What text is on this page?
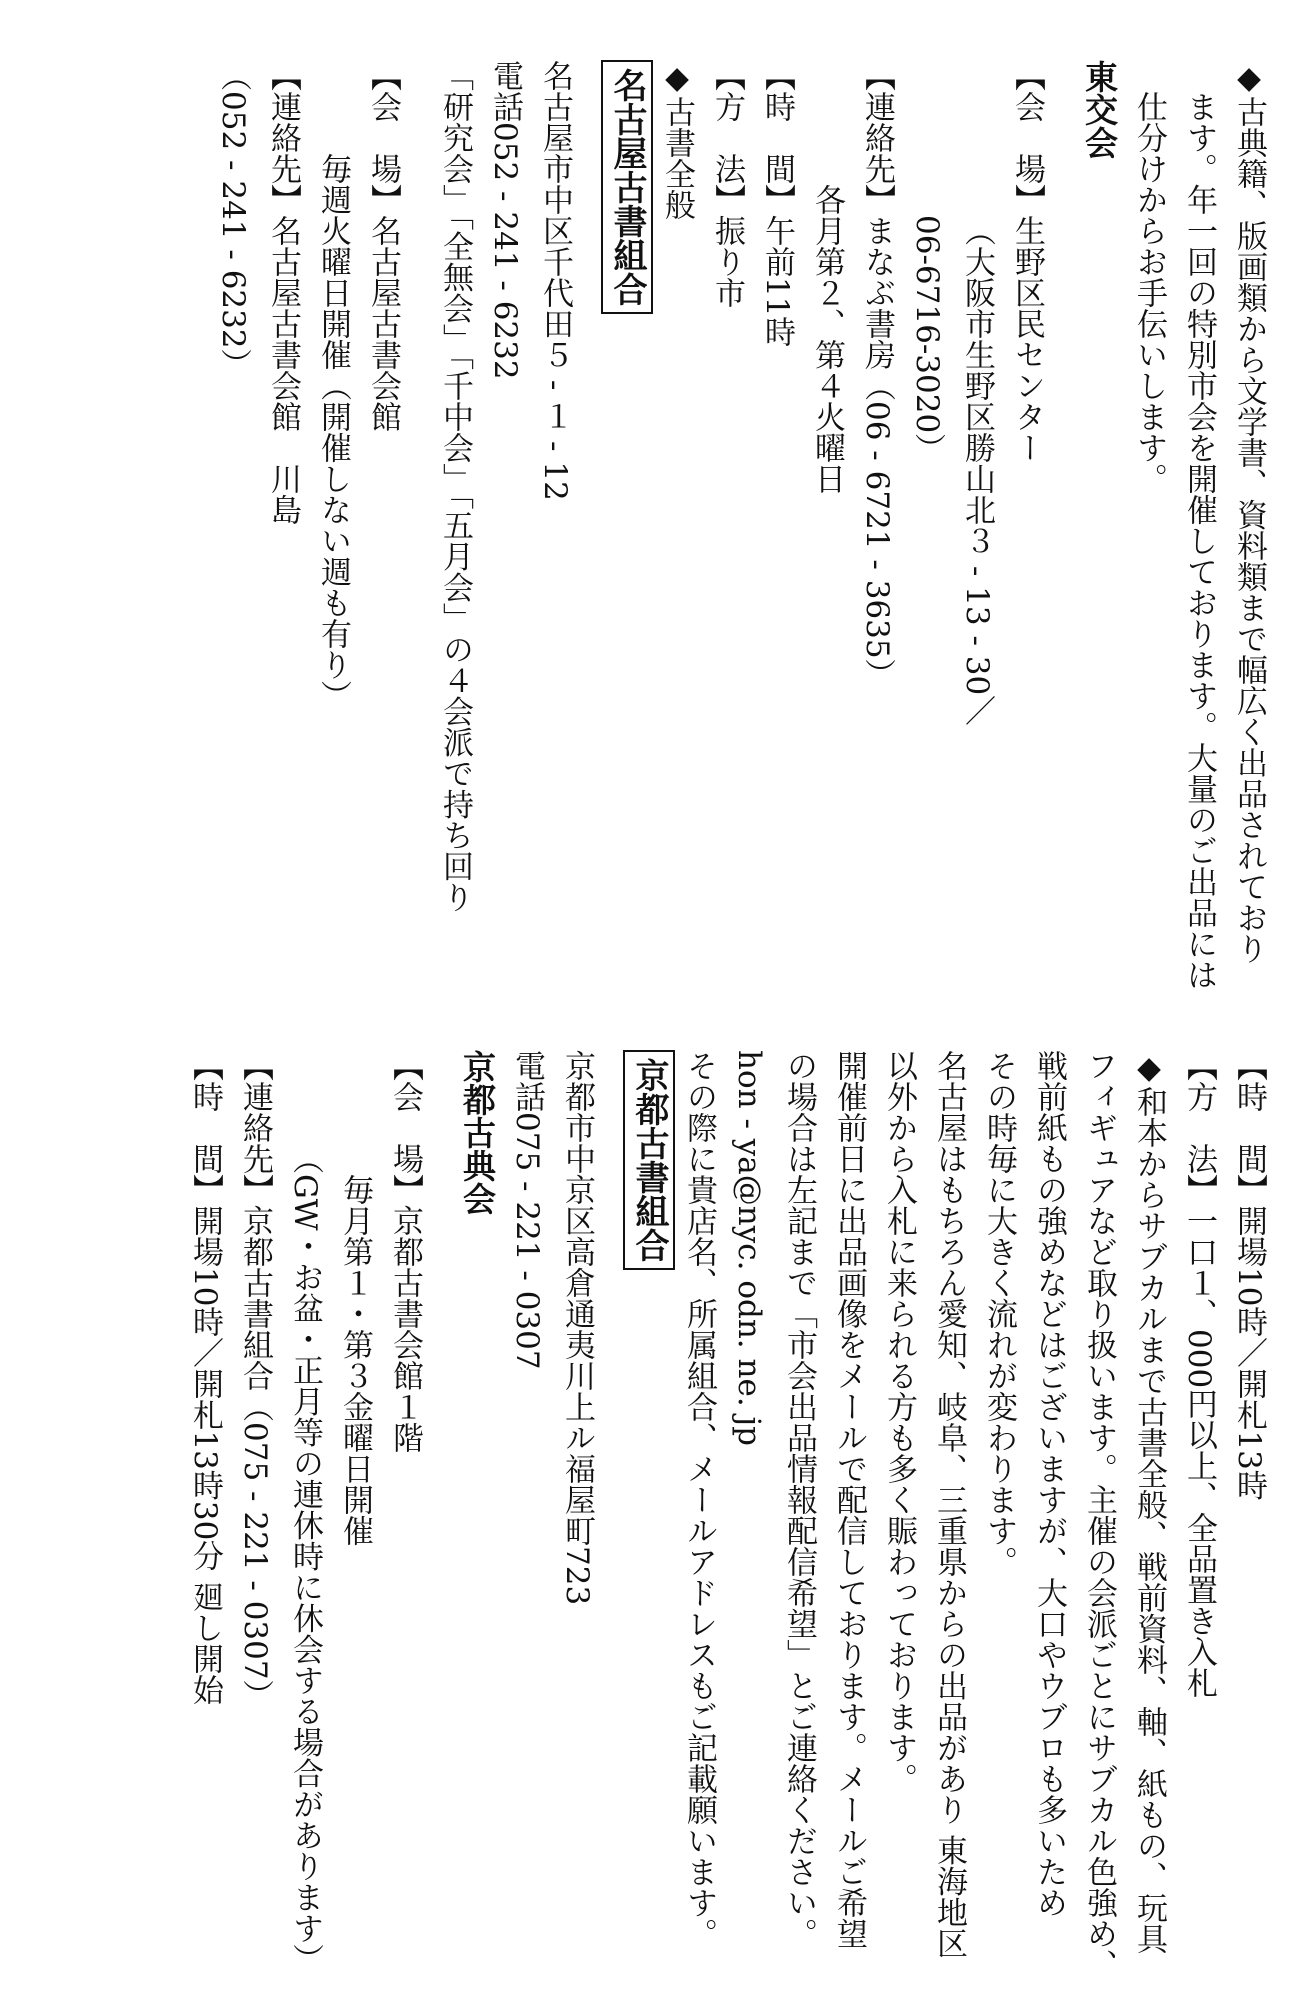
◆古典籍、版画類から文学書、資料類まで幅広く出品されており
ます。年一回の特別市会を開催しております。大量のご出品には
仕分けからお手伝いします。
東交会
【会　場】生野区民センター
（大阪市生野区勝山北３ - 13 - 30／
06-6716-3020）
【連絡先】まなぶ書房（06 - 6721 - 3635）
各月第２、第４火曜日
【時　間】午前11時
【方　法】振り市
◆古書全般
名古屋古書組合
名古屋市中区千代田５ - １ - 12
電話052 - 241 - 6232
「研究会」「全無会」「千中会」「五月会」の４会派で持ち回り
【会　場】名古屋古書会館
毎週火曜日開催（開催しない週も有り）
【連絡先】名古屋古書会館　川島
（052 - 241 - 6232）
【時　間】開場10時／開札13時
【方　法】一口１、000円以上、全品置き入札
◆和本からサブカルまで古書全般、戦前資料、軸、紙もの、玩具
フィギュアなど取り扱います。主催の会派ごとにサブカル色強め、
戦前紙もの強めなどはございますが、大口やウブロも多いため
その時毎に大きく流れが変わります。
名古屋はもちろん愛知、岐阜、三重県からの出品があり 東海地区
以外から入札に来られる方も多く賑わっております。
開催前日に出品画像をメールで配信しております。メールご希望
の場合は左記まで「市会出品情報配信希望」とご連絡ください。
hon - ya@nyc. odn. ne. jp
その際に貴店名、所属組合、メールアドレスもご記載願います。
京都古書組合
京都市中京区高倉通夷川上ル福屋町723
電話075 - 221 - 0307
京都古典会
【会　場】京都古書会館１階
毎月第１・第３金曜日開催
（GW・お盆・正月等の連休時に休会する場合があります）
【連絡先】京都古書組合（075 - 221 - 0307）
【時　間】開場10時／開札13時30分 廻し開始
